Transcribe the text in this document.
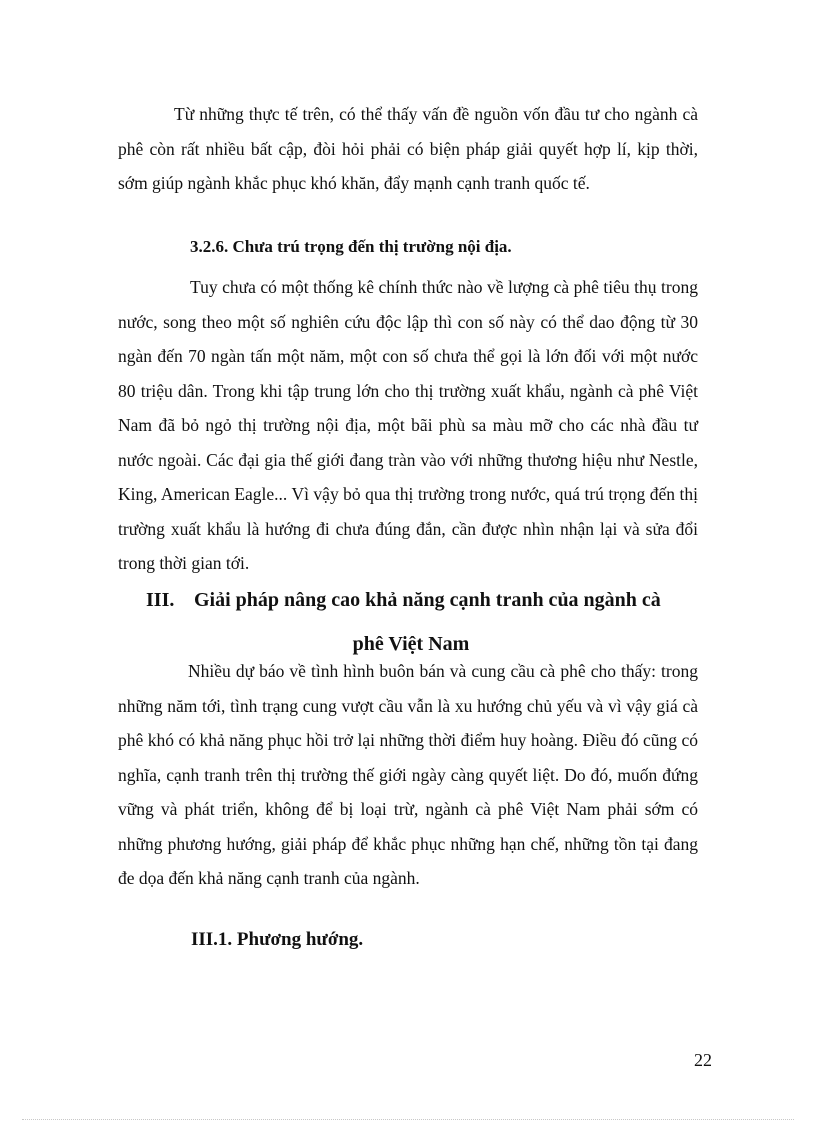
Từ những thực tế trên, có thể thấy vấn đề nguồn vốn đầu tư cho ngành cà phê còn rất nhiều bất cập, đòi hỏi phải có biện pháp giải quyết hợp lí, kịp thời, sớm giúp ngành khắc phục khó khăn, đẩy mạnh cạnh tranh quốc tế.

3.2.6. Chưa trú trọng đến thị trường nội địa.

Tuy chưa có một thống kê chính thức nào về lượng cà phê tiêu thụ trong nước, song theo một số nghiên cứu độc lập thì con số này có thể dao động từ 30 ngàn đến 70 ngàn tấn một năm, một con số chưa thể gọi là lớn đối với một nước 80 triệu dân. Trong khi tập trung lớn cho thị trường xuất khẩu, ngành cà phê Việt Nam đã bỏ ngỏ thị trường nội địa, một bãi phù sa màu mỡ cho các nhà đầu tư nước ngoài. Các đại gia thế giới đang tràn vào với những thương hiệu như Nestle, King, American Eagle... Vì vậy bỏ qua thị trường trong nước, quá trú trọng đến thị trường xuất khẩu là hướng đi chưa đúng đắn, cần được nhìn nhận lại và sửa đổi trong thời gian tới.

III. Giải pháp nâng cao khả năng cạnh tranh của ngành cà
phê Việt Nam

Nhiều dự báo về tình hình buôn bán và cung cầu cà phê cho thấy: trong những năm tới, tình trạng cung vượt cầu vẫn là xu hướng chủ yếu và vì vậy giá cà phê khó có khả năng phục hồi trở lại những thời điểm huy hoàng. Điều đó cũng có nghĩa, cạnh tranh trên thị trường thế giới ngày càng quyết liệt. Do đó, muốn đứng vững và phát triển, không để bị loại trừ, ngành cà phê Việt Nam phải sớm có những phương hướng, giải pháp để khắc phục những hạn chế, những tồn tại đang đe dọa đến khả năng cạnh tranh của ngành.

III.1. Phương hướng.
22
